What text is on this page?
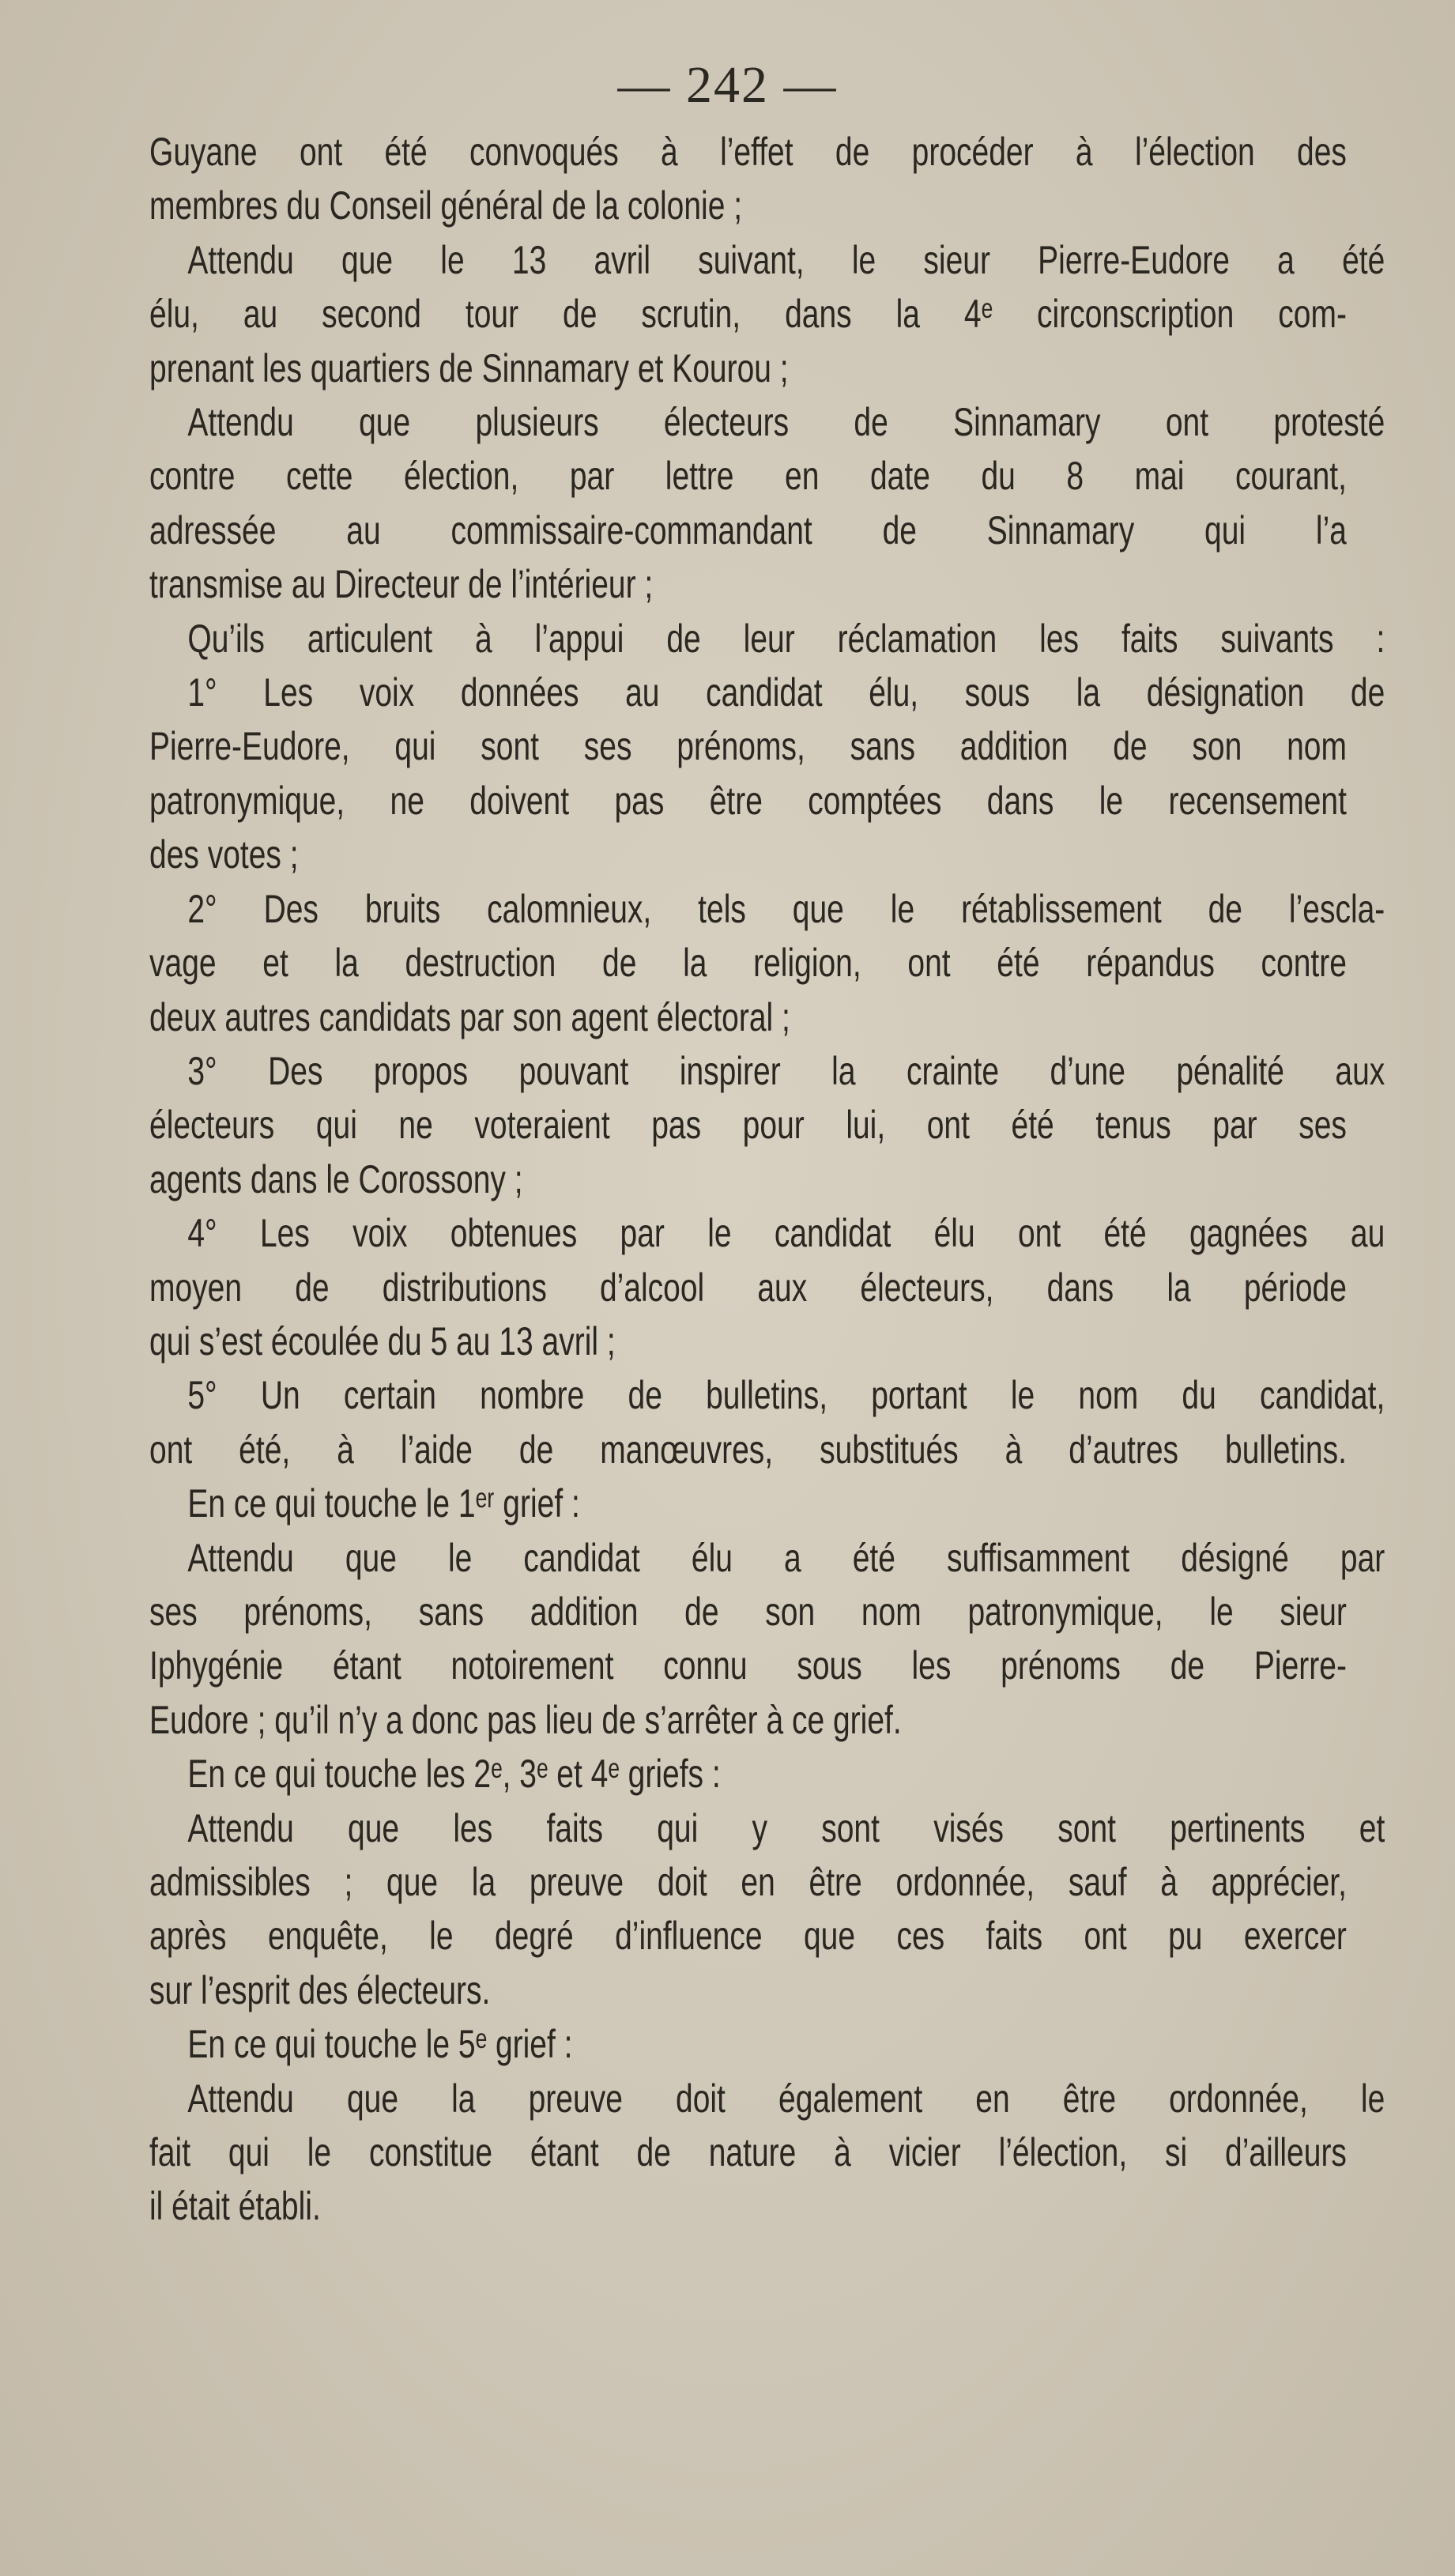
— 242 —
Guyane ont été convoqués à l’effet de procéder à l’élection des
membres du Conseil général de la colonie ;
Attendu que le 13 avril suivant, le sieur Pierre-Eudore a été
élu, au second tour de scrutin, dans la 4ᵉ circonscription com-
prenant les quartiers de Sinnamary et Kourou ;
Attendu que plusieurs électeurs de Sinnamary ont protesté
contre cette élection, par lettre en date du 8 mai courant,
adressée au commissaire-commandant de Sinnamary qui l’a
transmise au Directeur de l’intérieur ;
Qu’ils articulent à l’appui de leur réclamation les faits suivants :
1° Les voix données au candidat élu, sous la désignation de
Pierre-Eudore, qui sont ses prénoms, sans addition de son nom
patronymique, ne doivent pas être comptées dans le recensement
des votes ;
2° Des bruits calomnieux, tels que le rétablissement de l’escla-
vage et la destruction de la religion, ont été répandus contre
deux autres candidats par son agent électoral ;
3° Des propos pouvant inspirer la crainte d’une pénalité aux
électeurs qui ne voteraient pas pour lui, ont été tenus par ses
agents dans le Corossony ;
4° Les voix obtenues par le candidat élu ont été gagnées au
moyen de distributions d’alcool aux électeurs, dans la période
qui s’est écoulée du 5 au 13 avril ;
5° Un certain nombre de bulletins, portant le nom du candidat,
ont été, à l’aide de manœuvres, substitués à d’autres bulletins.
En ce qui touche le 1ᵉʳ grief :
Attendu que le candidat élu a été suffisamment désigné par
ses prénoms, sans addition de son nom patronymique, le sieur
Iphygénie étant notoirement connu sous les prénoms de Pierre-
Eudore ; qu’il n’y a donc pas lieu de s’arrêter à ce grief.
En ce qui touche les 2ᵉ, 3ᵉ et 4ᵉ griefs :
Attendu que les faits qui y sont visés sont pertinents et
admissibles ; que la preuve doit en être ordonnée, sauf à apprécier,
après enquête, le degré d’influence que ces faits ont pu exercer
sur l’esprit des électeurs.
En ce qui touche le 5ᵉ grief :
Attendu que la preuve doit également en être ordonnée, le
fait qui le constitue étant de nature à vicier l’élection, si d’ailleurs
il était établi.
